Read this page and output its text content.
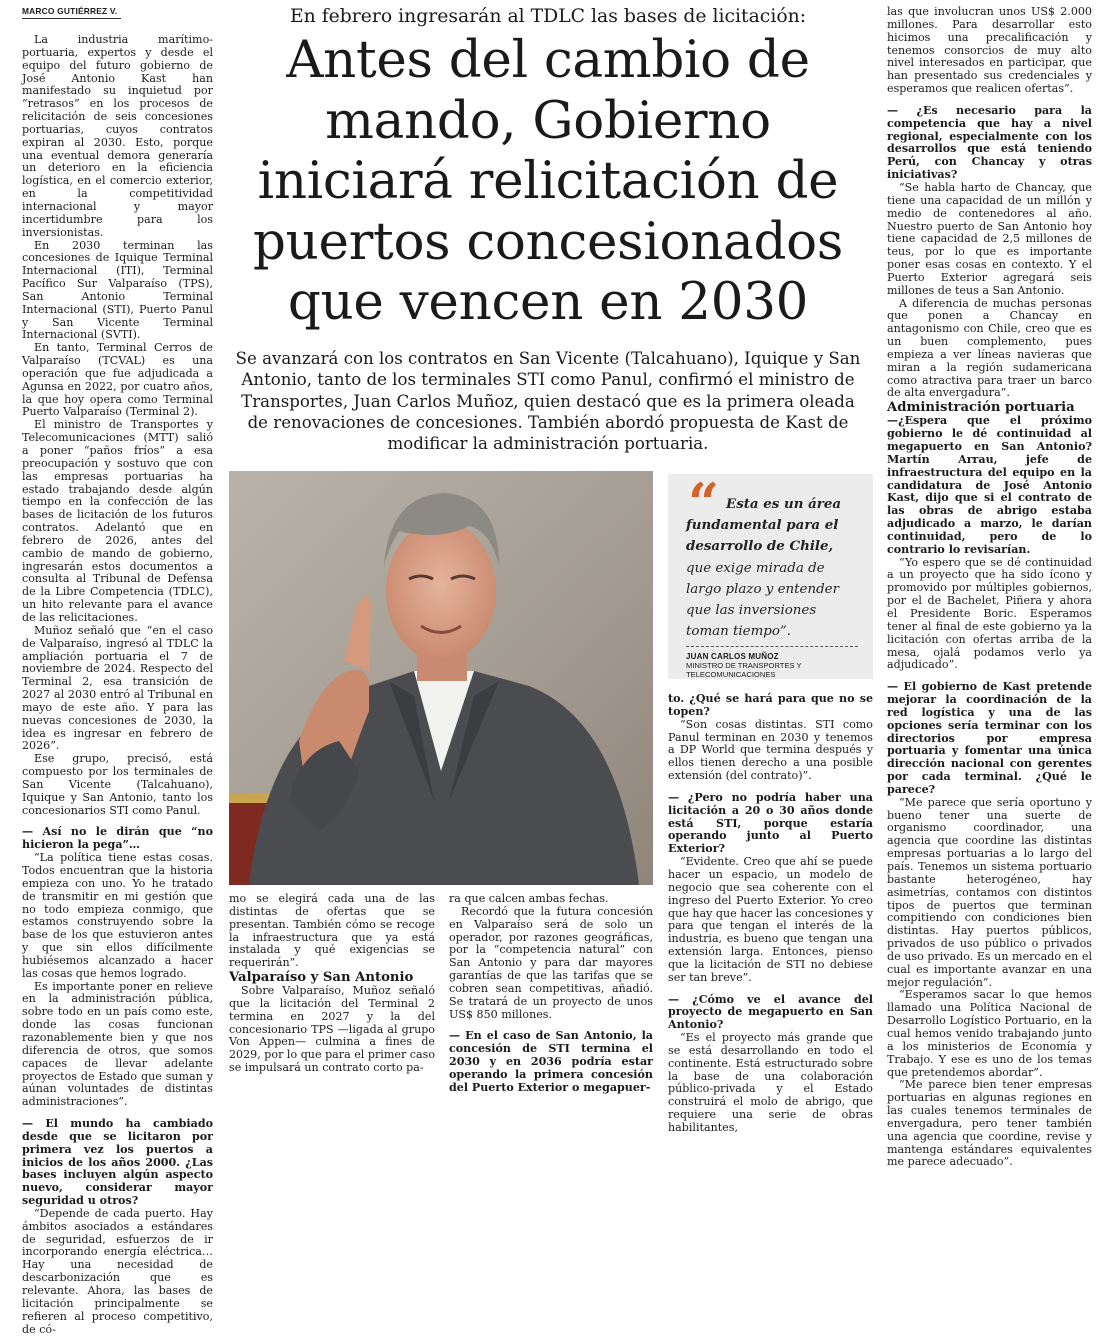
MARCO GUTIÉRREZ V.	En febrero ingresarán al TDLC las bases de licitación:
Antes del cambio de mando, Gobierno iniciará relicitación de puertos concesionados que vencen en 2030
Se avanzará con los contratos en San Vicente (Talcahuano), Iquique y San Antonio, tanto de los terminales STI como Panul, confirmó el ministro de Transportes, Juan Carlos Muñoz, quien destacó que es la primera oleada de renovaciones de concesiones. También abordó propuesta de Kast de modificar la administración portuaria.

La industria marítimo-portuaria, expertos y desde el equipo del futuro gobierno de José Antonio Kast han manifestado su inquietud por “retrasos” en los procesos de relicitación de seis concesiones portuarias, cuyos contratos expiran al 2030. Esto, porque una eventual demora generaría un deterioro en la eficiencia logística, en el comercio exterior, en la competitividad internacional y mayor incertidumbre para los inversionistas.

En 2030 terminan las concesiones de Iquique Terminal Internacional (ITI), Terminal Pacífico Sur Valparaíso (TPS), San Antonio Terminal Internacional (STI), Puerto Panul y San Vicente Terminal Internacional (SVTI).

En tanto, Terminal Cerros de Valparaíso (TCVAL) es una operación que fue adjudicada a Agunsa en 2022, por cuatro años, la que hoy opera como Terminal Puerto Valparaíso (Terminal 2).

El ministro de Transportes y Telecomunicaciones (MTT) salió a poner “paños fríos” a esa preocupación y sostuvo que con las empresas portuarias ha estado trabajando desde algún tiempo en la confección de las bases de licitación de los futuros contratos. Adelantó que en febrero de 2026, antes del cambio de mando de gobierno, ingresarán estos documentos a consulta al Tribunal de Defensa de la Libre Competencia (TDLC), un hito relevante para el avance de las relicitaciones.

Muñoz señaló que “en el caso de Valparaíso, ingresó al TDLC la ampliación portuaria el 7 de noviembre de 2024. Respecto del Terminal 2, esa transición de 2027 al 2030 entró al Tribunal en mayo de este año. Y para las nuevas concesiones de 2030, la idea es ingresar en febrero de 2026”.

Ese grupo, precisó, está compuesto por los terminales de San Vicente (Talcahuano), Iquique y San Antonio, tanto los concesionarios STI como Panul.

— Así no le dirán que “no hicieron la pega”…

“La política tiene estas cosas. Todos encuentran que la historia empieza con uno. Yo he tratado de transmitir en mi gestión que no todo empieza conmigo, que estamos construyendo sobre la base de los que estuvieron antes y que sin ellos difícilmente hubiésemos alcanzado a hacer las cosas que hemos logrado.

Es importante poner en relieve en la administración pública, sobre todo en un país como este, donde las cosas funcionan razonablemente bien y que nos diferencia de otros, que somos capaces de llevar adelante proyectos de Estado que suman y aúnan voluntades de distintas administraciones”.

— El mundo ha cambiado desde que se licitaron por primera vez los puertos a inicios de los años 2000. ¿Las bases incluyen algún aspecto nuevo, considerar mayor seguridad u otros?

“Depende de cada puerto. Hay ámbitos asociados a estándares de seguridad, esfuerzos de ir incorporando energía eléctrica… Hay una necesidad de descarbonización que es relevante. Ahora, las bases de licitación principalmente se refieren al proceso competitivo, de có-

mo se elegirá cada una de las distintas de ofertas que se presentan. También cómo se recoge la infraestructura que ya está instalada y qué exigencias se requerirán”.

Valparaíso y San Antonio

Sobre Valparaíso, Muñoz señaló que la licitación del Terminal 2 termina en 2027 y la del concesionario TPS —ligada al grupo Von Appen— culmina a fines de 2029, por lo que para el primer caso se impulsará un contrato corto pa-

ra que calcen ambas fechas.

Recordó que la futura concesión en Valparaíso será de solo un operador, por razones geográficas, por la “competencia natural” con San Antonio y para dar mayores garantías de que las tarifas que se cobren sean competitivas, añadió. Se tratará de un proyecto de unos US$ 850 millones.

— En el caso de San Antonio, la concesión de STI termina el 2030 y en 2036 podría estar operando la primera concesión del Puerto Exterior o megapuer-

to. ¿Qué se hará para que no se topen?

“Son cosas distintas. STI como Panul terminan en 2030 y tenemos a DP World que termina después y ellos tienen derecho a una posible extensión (del contrato)”.

— ¿Pero no podría haber una licitación a 20 o 30 años donde está STI, porque estaría operando junto al Puerto Exterior?

“Evidente. Creo que ahí se puede hacer un espacio, un modelo de negocio que sea coherente con el ingreso del Puerto Exterior. Yo creo que hay que hacer las concesiones y para que tengan el interés de la industria, es bueno que tengan una extensión larga. Entonces, pienso que la licitación de STI no debiese ser tan breve”.

— ¿Cómo ve el avance del proyecto de megapuerto en San Antonio?

“Es el proyecto más grande que se está desarrollando en todo el continente. Está estructurado sobre la base de una colaboración público-privada y el Estado construirá el molo de abrigo, que requiere una serie de obras habilitantes,

las que involucran unos US$ 2.000 millones. Para desarrollar esto hicimos una precalificación y tenemos consorcios de muy alto nivel interesados en participar, que han presentado sus credenciales y esperamos que realicen ofertas”.

— ¿Es necesario para la competencia que hay a nivel regional, especialmente con los desarrollos que está teniendo Perú, con Chancay y otras iniciativas?

“Se habla harto de Chancay, que tiene una capacidad de un millón y medio de contenedores al año. Nuestro puerto de San Antonio hoy tiene capacidad de 2,5 millones de teus, por lo que es importante poner esas cosas en contexto. Y el Puerto Exterior agregará seis millones de teus a San Antonio.

A diferencia de muchas personas que ponen a Chancay en antagonismo con Chile, creo que es un buen complemento, pues empieza a ver líneas navieras que miran a la región sudamericana como atractiva para traer un barco de alta envergadura”.

Administración portuaria

—¿Espera que el próximo gobierno le dé continuidad al megapuerto en San Antonio? Martín Arrau, jefe de infraestructura del equipo en la candidatura de José Antonio Kast, dijo que si el contrato de las obras de abrigo estaba adjudicado a marzo, le darían continuidad, pero de lo contrario lo revisarían.

“Yo espero que se dé continuidad a un proyecto que ha sido ícono y promovido por múltiples gobiernos, por el de Bachelet, Piñera y ahora el Presidente Boric. Esperamos tener al final de este gobierno ya la licitación con ofertas arriba de la mesa, ojalá podamos verlo ya adjudicado”.

— El gobierno de Kast pretende mejorar la coordinación de la red logística y una de las opciones sería terminar con los directorios por empresa portuaria y fomentar una única dirección nacional con gerentes por cada terminal. ¿Qué le parece?

“Me parece que sería oportuno y bueno tener una suerte de organismo coordinador, una agencia que coordine las distintas empresas portuarias a lo largo del país. Tenemos un sistema portuario bastante heterogéneo, hay asimetrías, contamos con distintos tipos de puertos que terminan compitiendo con condiciones bien distintas. Hay puertos públicos, privados de uso público o privados de uso privado. Es un mercado en el cual es importante avanzar en una mejor regulación”.

“Esperamos sacar lo que hemos llamado una Política Nacional de Desarrollo Logístico Portuario, en la cual hemos venido trabajando junto a los ministerios de Economía y Trabajo. Y ese es uno de los temas que pretendemos abordar”.

“Me parece bien tener empresas portuarias en algunas regiones en las cuales tenemos terminales de envergadura, pero tener también una agencia que coordine, revise y mantenga estándares equivalentes me parece adecuado”.

“ Esta es un área fundamental para el desarrollo de Chile, que exige mirada de largo plazo y entender que las inversiones toman tiempo”.
JUAN CARLOS MUÑOZ
MINISTRO DE TRANSPORTES Y TELECOMUNICACIONES
